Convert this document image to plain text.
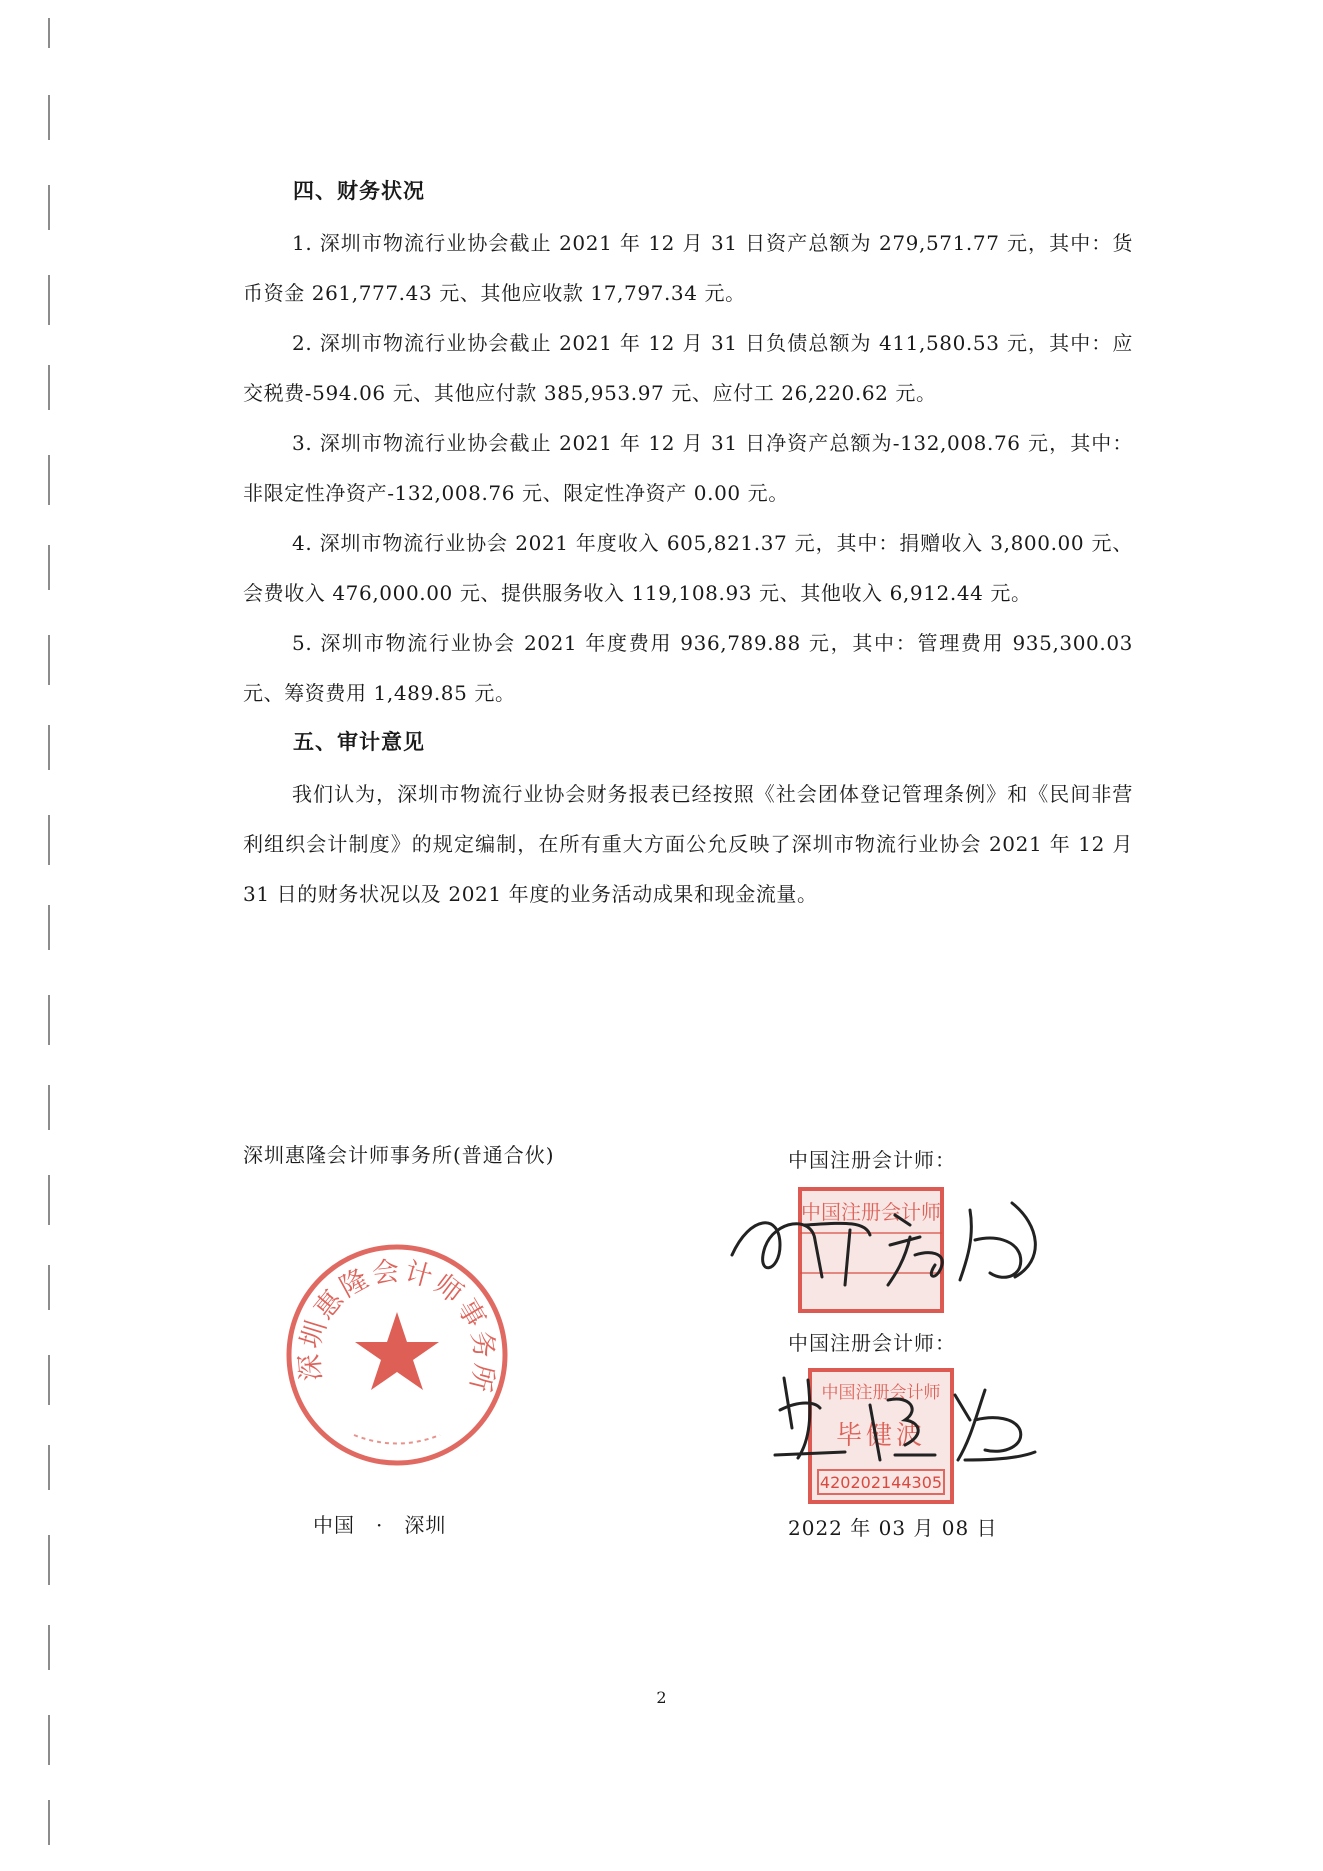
四、财务状况

1. 深圳市物流行业协会截止 2021 年 12 月 31 日资产总额为 279,571.77 元，其中：货币资金 261,777.43 元、其他应收款 17,797.34 元。

2. 深圳市物流行业协会截止 2021 年 12 月 31 日负债总额为 411,580.53 元，其中：应交税费-594.06 元、其他应付款 385,953.97 元、应付工 26,220.62 元。

3. 深圳市物流行业协会截止 2021 年 12 月 31 日净资产总额为-132,008.76 元，其中：非限定性净资产-132,008.76 元、限定性净资产 0.00 元。

4. 深圳市物流行业协会 2021 年度收入 605,821.37 元，其中：捐赠收入 3,800.00 元、会费收入 476,000.00 元、提供服务收入 119,108.93 元、其他收入 6,912.44 元。

5. 深圳市物流行业协会 2021 年度费用 936,789.88 元，其中：管理费用 935,300.03 元、筹资费用 1,489.85 元。

五、审计意见

我们认为，深圳市物流行业协会财务报表已经按照《社会团体登记管理条例》和《民间非营利组织会计制度》的规定编制，在所有重大方面公允反映了深圳市物流行业协会 2021 年 12 月 31 日的财务状况以及 2021 年度的业务活动成果和现金流量。

深圳惠隆会计师事务所(普通合伙)	中国注册会计师：

深圳惠隆会计师事务所
中国注册会计师

中国注册会计师：

中国注册会计师
毕健波
420202144305

中国　·　深圳	2022 年 03 月 08 日

2
